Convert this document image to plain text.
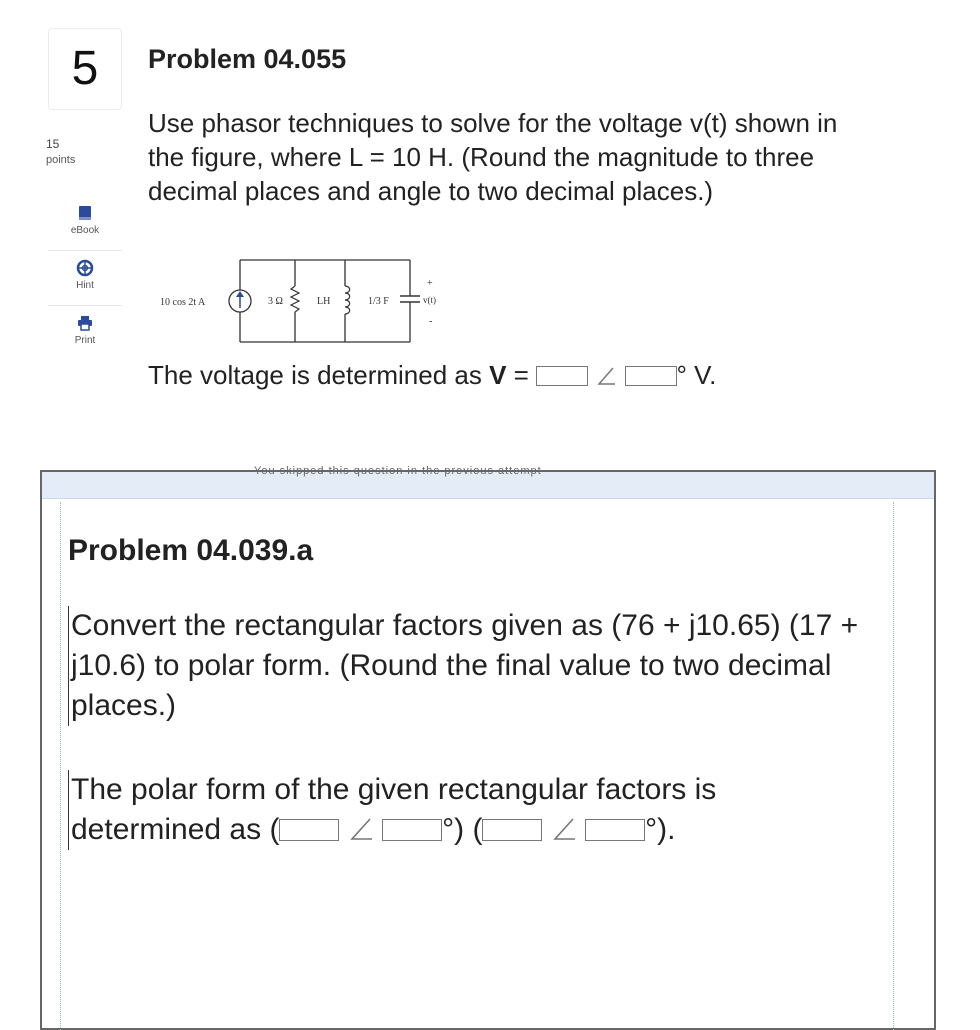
5
15
points
eBook
Hint
Print
Problem 04.055
Use phasor techniques to solve for the voltage v(t) shown in the figure, where L = 10 H. (Round the magnitude to three decimal places and angle to two decimal places.)
10 cos 2t A	3 Ω	LH	1/3 F	v(t)
+
-
The voltage is determined as V =	° V.
You skipped this question in the previous attempt
Problem 04.039.a
Convert the rectangular factors given as (76 + j10.65) (17 + j10.6) to polar form. (Round the final value to two decimal places.)
The polar form of the given rectangular factors is
determined as (	°) (	°).
